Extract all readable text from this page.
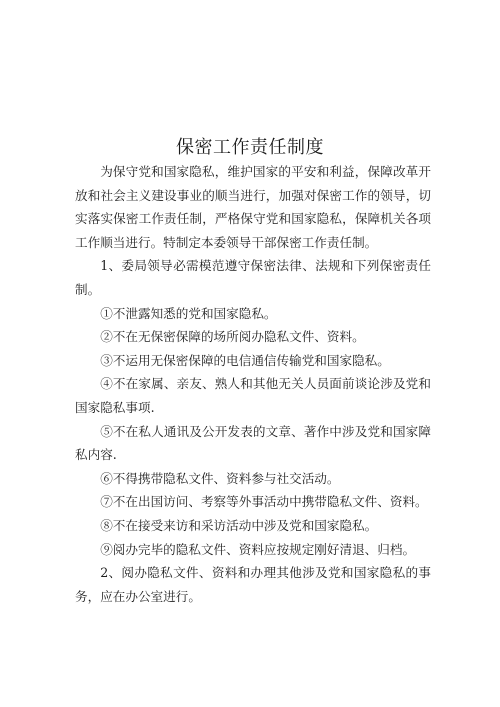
保密工作责任制度

为保守党和国家隐私，维护国家的平安和利益，保障改革开放和社会主义建设事业的顺当进行，加强对保密工作的领导，切实落实保密工作责任制，严格保守党和国家隐私，保障机关各项工作顺当进行。特制定本委领导干部保密工作责任制。

1、委局领导必需模范遵守保密法律、法规和下列保密责任制。

①不泄露知悉的党和国家隐私。

②不在无保密保障的场所阅办隐私文件、资料。

③不运用无保密保障的电信通信传输党和国家隐私。

④不在家属、亲友、熟人和其他无关人员面前谈论涉及党和国家隐私事项.

⑤不在私人通讯及公开发表的文章、著作中涉及党和国家障私内容.

⑥不得携带隐私文件、资料参与社交活动。

⑦不在出国访问、考察等外事活动中携带隐私文件、资料。

⑧不在接受来访和采访活动中涉及党和国家隐私。

⑨阅办完毕的隐私文件、资料应按规定刚好清退、归档。

2、阅办隐私文件、资料和办理其他涉及党和国家隐私的事务，应在办公室进行。
